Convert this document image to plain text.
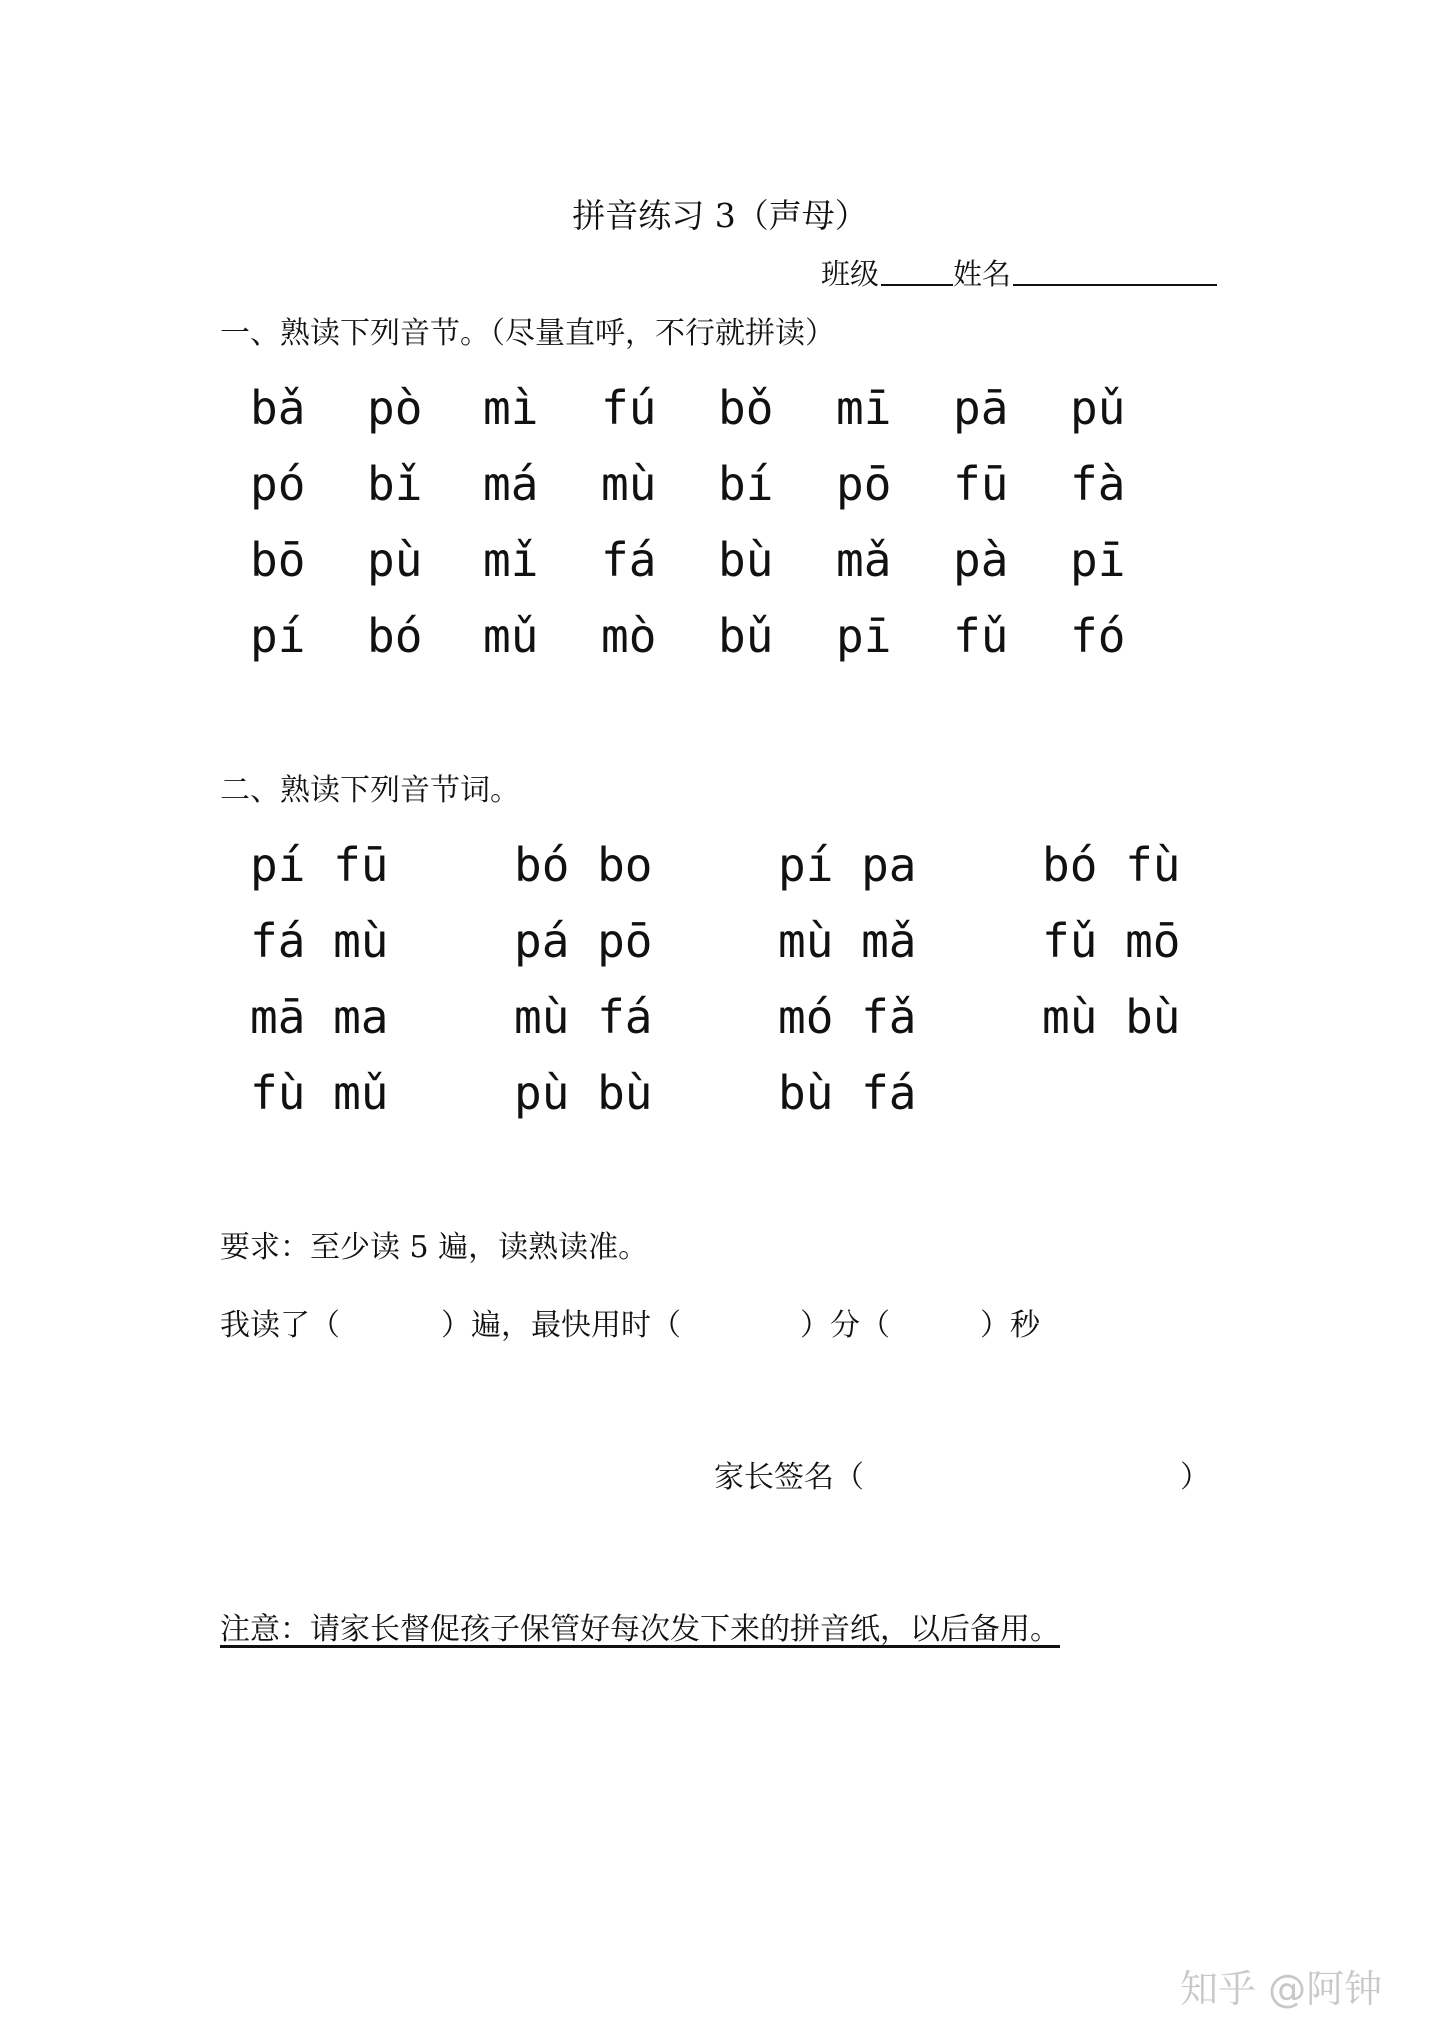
拼音练习 3（声母）
班级	姓名
一、熟读下列音节。（尽量直呼，不行就拼读）
bǎ pò mì fú bǒ mī pā pǔ
pó bǐ má mù bí pō fū fà
bō pù mǐ fá bù mǎ pà pī
pí bó mǔ mò bǔ pī fǔ fó
二、熟读下列音节词。
pí fū	bó bo	pí pa	bó fù
fá mù	pá pō	mù mǎ	fǔ mō
mā ma	mù fá	mó fǎ	mù bù
fù mǔ	pù bù	bù fá
要求：至少读 5 遍，读熟读准。
我读了（	）遍，最快用时（	）分（	）秒
家长签名（	）
注意：请家长督促孩子保管好每次发下来的拼音纸，以后备用。
知乎 @阿钟
